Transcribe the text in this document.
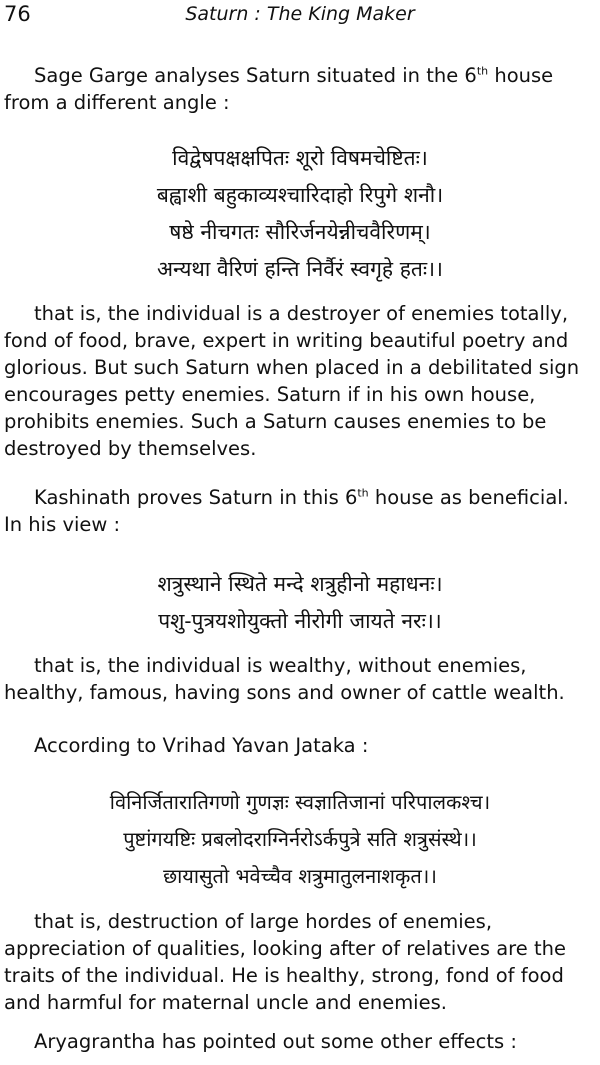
76	Saturn : The King Maker

Sage Garge analyses Saturn situated in the 6th house
from a different angle :

विद्वेषपक्षक्षपितः शूरो विषमचेष्टितः।
बह्वाशी बहुकाव्यश्चारिदाहो रिपुगे शनौ।
षष्ठे नीचगतः सौरिर्जनयेन्नीचवैरिणम्।
अन्यथा वैरिणं हन्ति निर्वैरं स्वगृहे हतः।।

that is, the individual is a destroyer of enemies totally,
fond of food, brave, expert in writing beautiful poetry and
glorious. But such Saturn when placed in a debilitated sign
encourages petty enemies. Saturn if in his own house,
prohibits enemies. Such a Saturn causes enemies to be
destroyed by themselves.

Kashinath proves Saturn in this 6th house as beneficial.
In his view :

शत्रुस्थाने स्थिते मन्दे शत्रुहीनो महाधनः।
पशु-पुत्रयशोयुक्तो नीरोगी जायते नरः।।

that is, the individual is wealthy, without enemies,
healthy, famous, having sons and owner of cattle wealth.

According to Vrihad Yavan Jataka :

विनिर्जितारातिगणो गुणज्ञः स्वज्ञातिजानां परिपालकश्च।
पुष्टांगयष्टिः प्रबलोदराग्निर्नरोऽर्कपुत्रे सति शत्रुसंस्थे।।
छायासुतो भवेच्चैव शत्रुमातुलनाशकृत।।

that is, destruction of large hordes of enemies,
appreciation of qualities, looking after of relatives are the
traits of the individual. He is healthy, strong, fond of food
and harmful for maternal uncle and enemies.

Aryagrantha has pointed out some other effects :
